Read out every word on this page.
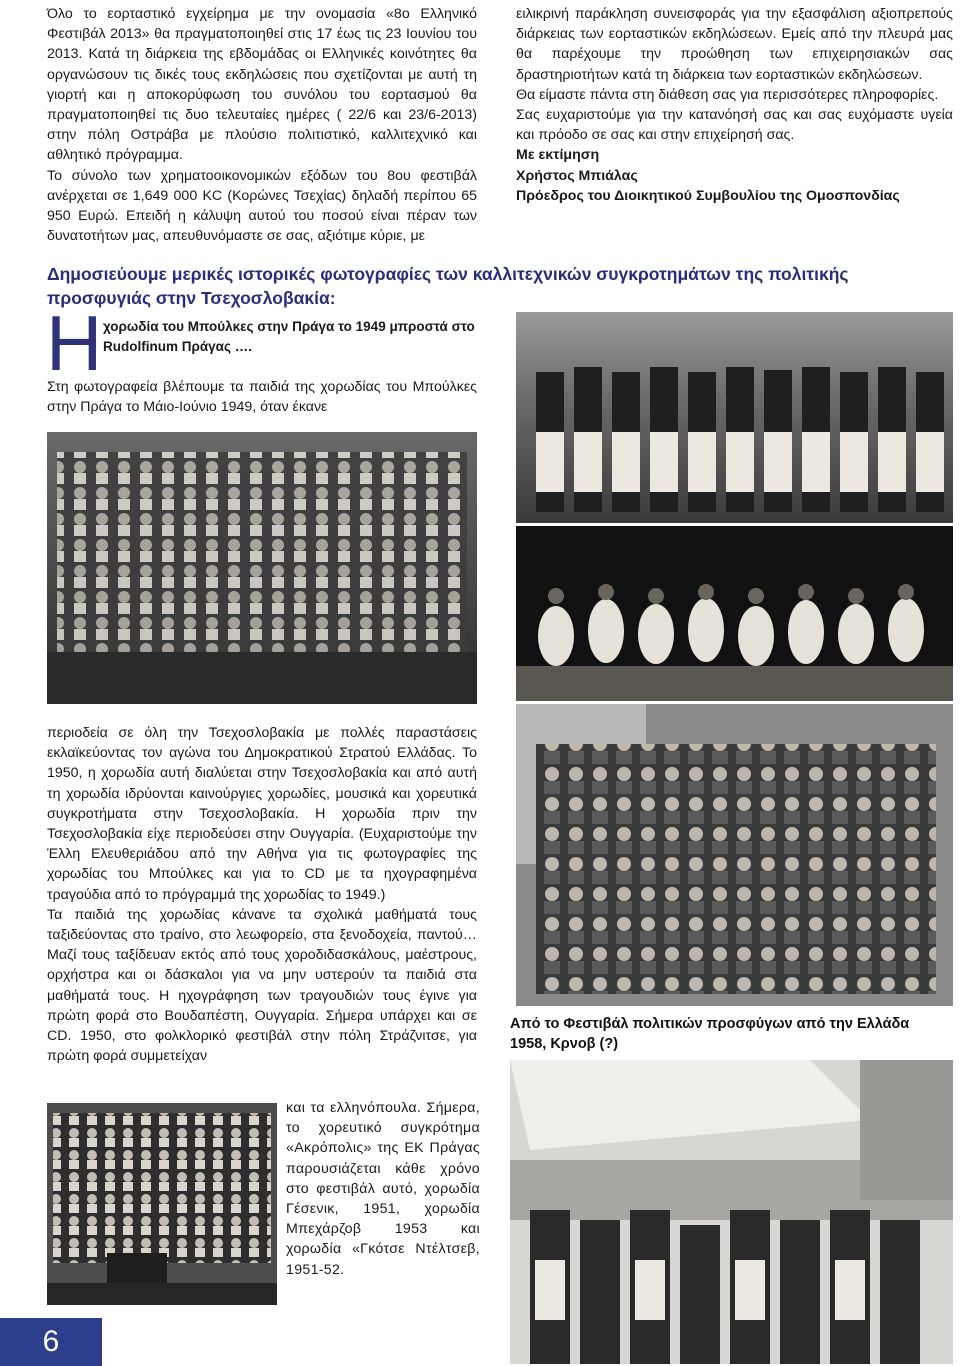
Όλο το εορταστικό εγχείρημα με την ονομασία «8ο Ελληνικό Φεστιβάλ 2013» θα πραγματοποιηθεί στις 17 έως τις 23 Ιουνίου του 2013. Κατά τη διάρκεια της εβδομάδας οι Ελληνικές κοινότητες θα οργανώσουν τις δικές τους εκδηλώσεις που σχετίζονται με αυτή τη γιορτή και η αποκορύφωση του συνόλου του εορτασμού θα πραγματοποιηθεί τις δυο τελευταίες ημέρες ( 22/6 και 23/6-2013) στην πόλη Οστράβα με πλούσιο πολιτιστικό, καλλιτεχνικό και αθλητικό πρόγραμμα.

Το σύνολο των χρηματοοικονομικών εξόδων του 8ου φεστιβάλ ανέρχεται σε 1,649 000 KC (Κορώνες Τσεχίας) δηλαδή περίπου 65 950 Ευρώ. Επειδή η κάλυψη αυτού του ποσού είναι πέραν των δυνατοτήτων μας, απευθυνόμαστε σε σας, αξιότιμε κύριε, με

ειλικρινή παράκληση συνεισφοράς για την εξασφάλιση αξιοπρεπούς διάρκειας των εορταστικών εκδηλώσεων. Εμείς από την πλευρά μας θα παρέχουμε την προώθηση των επιχειρησιακών σας δραστηριοτήτων κατά τη διάρκεια των εορταστικών εκδηλώσεων.

Θα είμαστε πάντα στη διάθεση σας για περισσότερες πληροφορίες.

Σας ευχαριστούμε για την κατανόησή σας και σας ευχόμαστε υγεία και πρόοδο σε σας και στην επιχείρησή σας.

Με εκτίμηση

Χρήστος Μπιάλας

Πρόεδρος του Διοικητικού Συμβουλίου της Ομοσπονδίας

Δημοσιεύουμε μερικές ιστορικές φωτογραφίες των καλλιτεχνικών συγκροτημάτων της πολιτικής προσφυγιάς στην Τσεχοσλοβακία:
Η χορωδία του Μπούλκες στην Πράγα το 1949 μπροστά στο Rudolfinum Πράγας ….
Στη φωτογραφεία βλέπουμε τα παιδιά της χορωδίας του Μπούλκες στην Πράγα το Μάιο-Ιούνιο 1949, όταν έκανε

περιοδεία σε όλη την Τσεχοσλοβακία με πολλές παραστάσεις εκλαϊκεύοντας τον αγώνα του Δημοκρατικού Στρατού Ελλάδας. Το 1950, η χορωδία αυτή διαλύεται στην Τσεχοσλοβακία και από αυτή τη χορωδία ιδρύονται καινούργιες χορωδίες, μουσικά και χορευτικά συγκροτήματα στην Τσεχοσλοβακία. Η χορωδία πριν την Τσεχοσλοβακία είχε περιοδεύσει στην Ουγγαρία. (Ευχαριστούμε την Έλλη Ελευθεριάδου από την Αθήνα για τις φωτογραφίες της χορωδίας του Μπούλκες και για το CD με τα ηχογραφημένα τραγούδια από το πρόγραμμά της χορωδίας το 1949.)

Τα παιδιά της χορωδίας κάνανε τα σχολικά μαθήματά τους ταξιδεύοντας στο τραίνο, στο λεωφορείο, στα ξενοδοχεία, παντού… Μαζί τους ταξίδευαν εκτός από τους χοροδιδασκάλους, μαέστρους, ορχήστρα και οι δάσκαλοι για να μην υστερούν τα παιδιά στα μαθήματά τους. Η ηχογράφηση των τραγουδιών τους έγινε για πρώτη φορά στο Βουδαπέστη, Ουγγαρία. Σήμερα υπάρχει και σε CD. 1950, στο φολκλορικό φεστιβάλ στην πόλη Στράζνιτσε, για πρώτη φορά συμμετείχαν

και τα ελληνόπουλα. Σήμερα, το χορευτικό συγκρότημα «Ακρόπολις» της ΕΚ Πράγας παρουσιάζεται κάθε χρόνο στο φεστιβάλ αυτό, χορωδία Γέσενικ, 1951, χορωδία Μπεχάρζοβ 1953 και χορωδία «Γκότσε Ντέλτσεβ, 1951-52.
Από το Φεστιβάλ πολιτικών προσφύγων από την Ελλάδα 1958, Κρνοβ (?)
6
